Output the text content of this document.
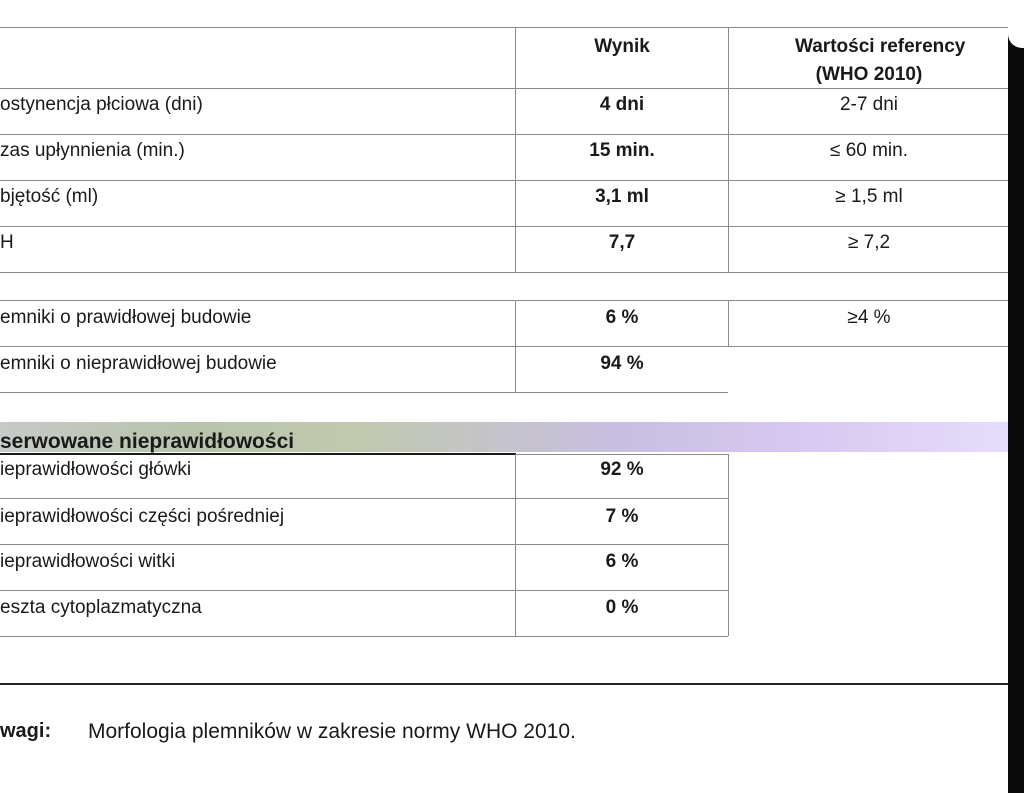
Wynik	Wartości referency
(WHO 2010)
ostynencja płciowa (dni)	4 dni	2-7 dni
zas upłynnienia (min.)	15 min.	≤ 60 min.
bjętość (ml)	3,1 ml	≥ 1,5 ml
H	7,7	≥ 7,2
emniki o prawidłowej budowie	6 %	≥4 %
emniki o nieprawidłowej budowie	94 %
serwowane nieprawidłowości
ieprawidłowości główki	92 %
ieprawidłowości części pośredniej	7 %
ieprawidłowości witki	6 %
eszta cytoplazmatyczna	0 %
wagi: Morfologia plemników w zakresie normy WHO 2010.
